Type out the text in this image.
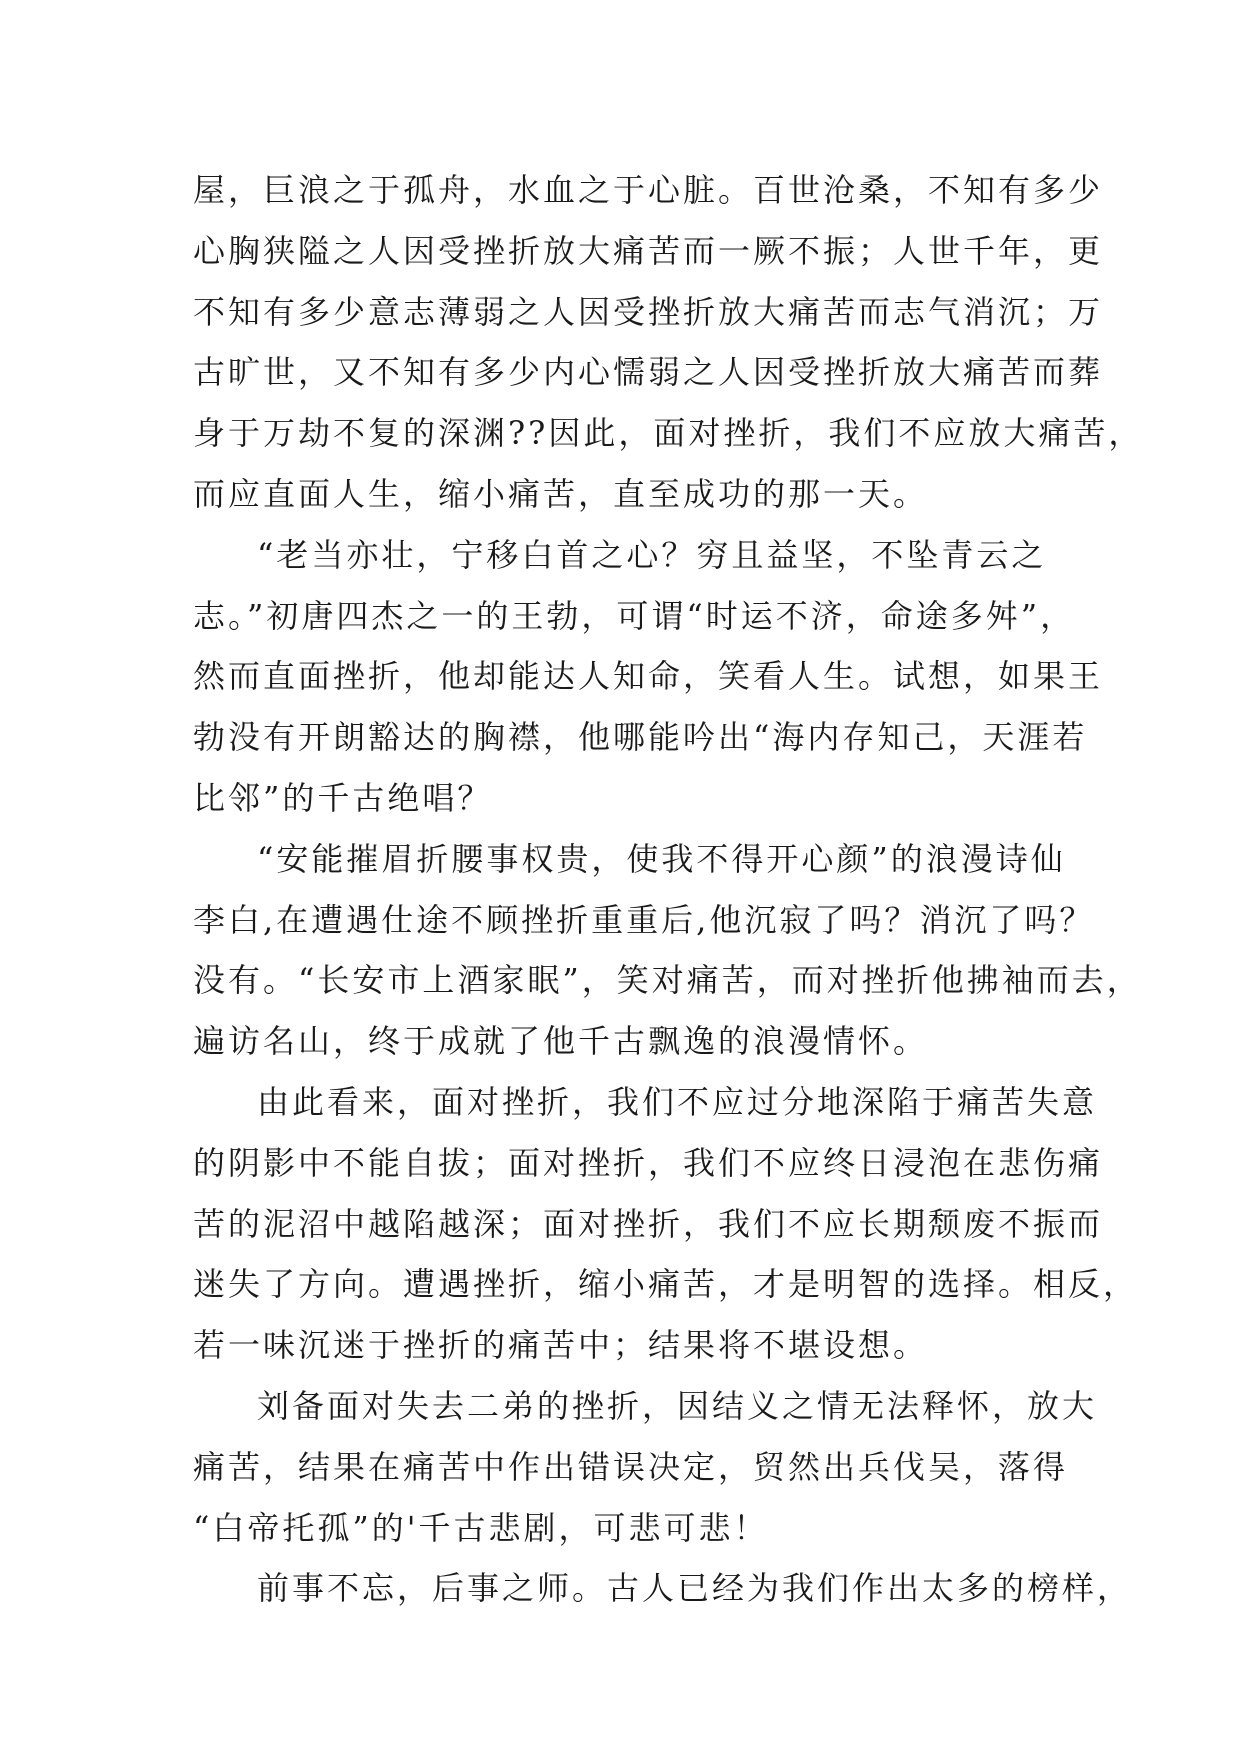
屋，巨浪之于孤舟，水血之于心脏。百世沧桑，不知有多少
心胸狭隘之人因受挫折放大痛苦而一厥不振；人世千年，更
不知有多少意志薄弱之人因受挫折放大痛苦而志气消沉；万
古旷世，又不知有多少内心懦弱之人因受挫折放大痛苦而葬
身于万劫不复的深渊??因此，面对挫折，我们不应放大痛苦，
而应直面人生，缩小痛苦，直至成功的那一天。
“老当亦壮，宁移白首之心？穷且益坚，不坠青云之
志。”初唐四杰之一的王勃，可谓“时运不济，命途多舛”，
然而直面挫折，他却能达人知命，笑看人生。试想，如果王
勃没有开朗豁达的胸襟，他哪能吟出“海内存知己，天涯若
比邻”的千古绝唱？
“安能摧眉折腰事权贵，使我不得开心颜”的浪漫诗仙
李白,在遭遇仕途不顾挫折重重后,他沉寂了吗？消沉了吗？
没有。“长安市上酒家眠”，笑对痛苦，而对挫折他拂袖而去，
遍访名山，终于成就了他千古飘逸的浪漫情怀。
由此看来，面对挫折，我们不应过分地深陷于痛苦失意
的阴影中不能自拔；面对挫折，我们不应终日浸泡在悲伤痛
苦的泥沼中越陷越深；面对挫折，我们不应长期颓废不振而
迷失了方向。遭遇挫折，缩小痛苦，才是明智的选择。相反，
若一味沉迷于挫折的痛苦中；结果将不堪设想。
刘备面对失去二弟的挫折，因结义之情无法释怀，放大
痛苦，结果在痛苦中作出错误决定，贸然出兵伐吴，落得
“白帝托孤”的'千古悲剧，可悲可悲！
前事不忘，后事之师。古人已经为我们作出太多的榜样，
